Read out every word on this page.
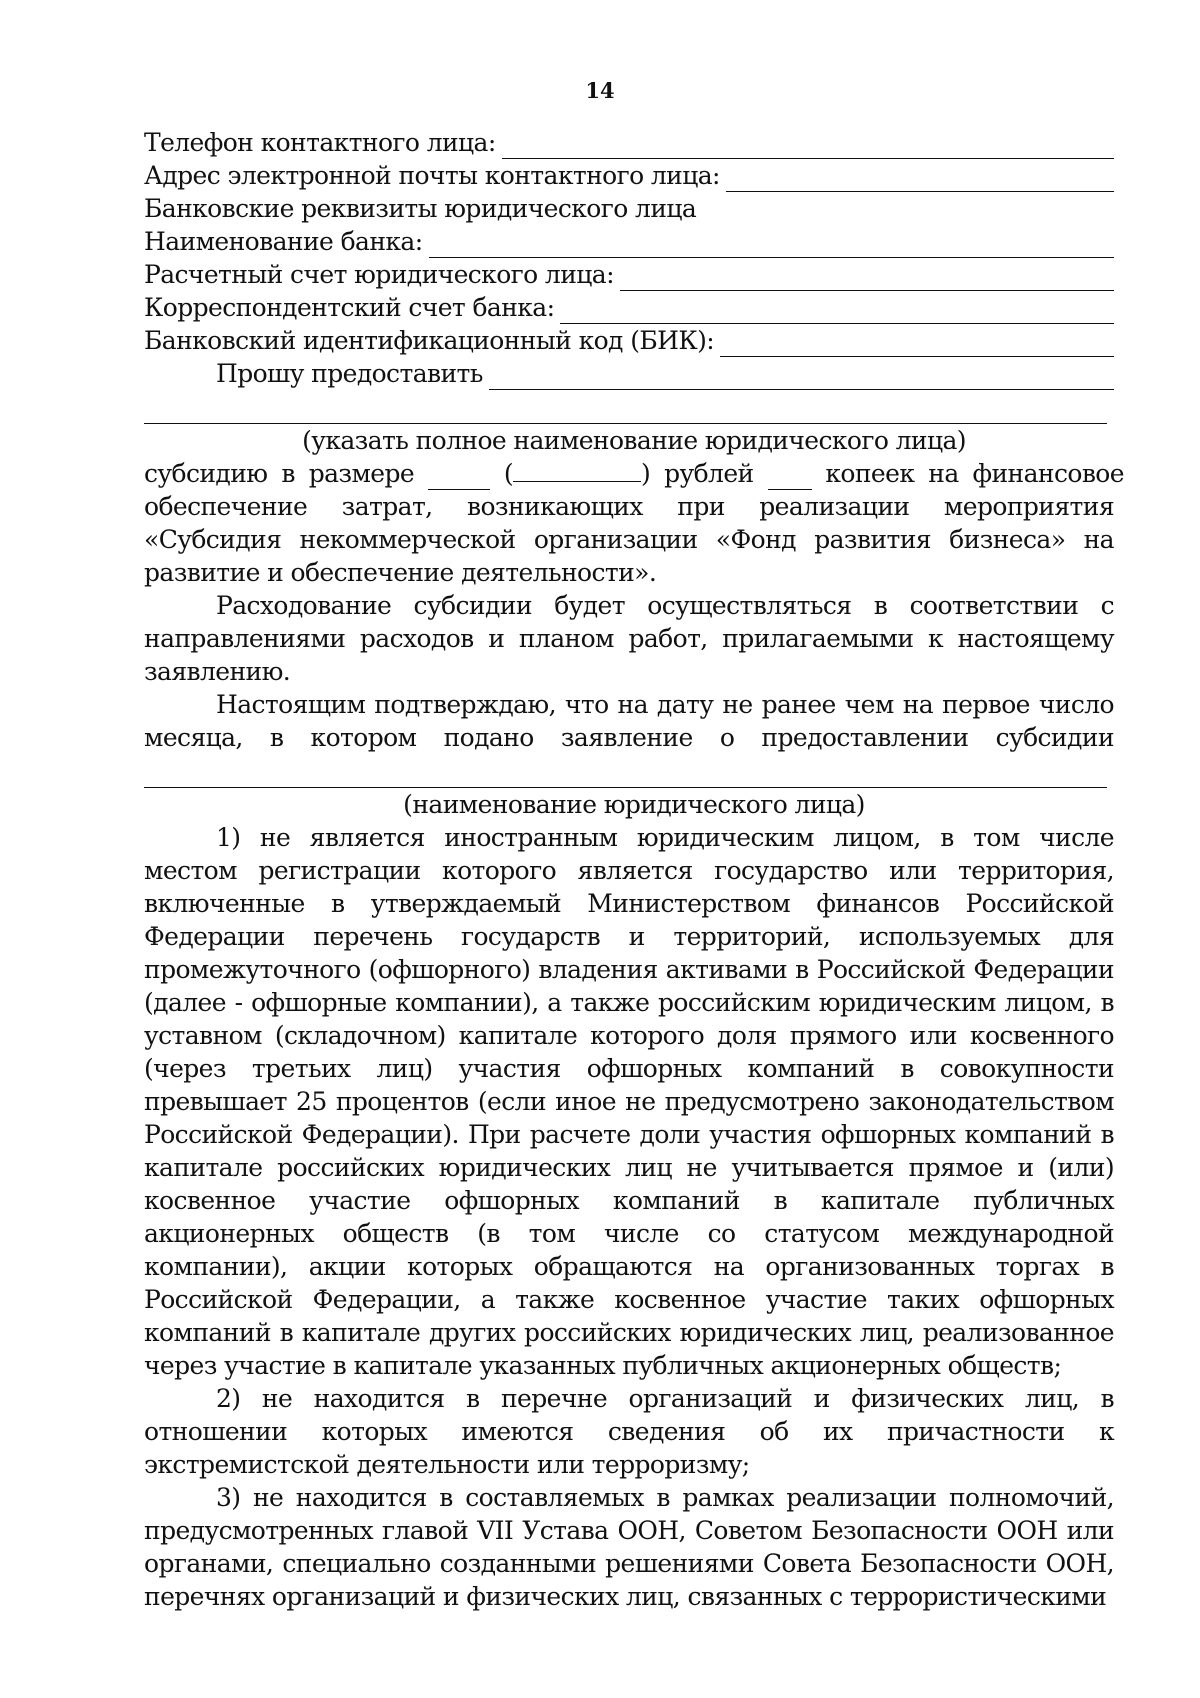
14
Телефон контактного лица:
Адрес электронной почты контактного лица:
Банковские реквизиты юридического лица
Наименование банка:
Расчетный счет юридического лица:
Корреспондентский счет банка:
Банковский идентификационный код (БИК):
Прошу предоставить
(указать полное наименование юридического лица)
субсидию в размере	(	) рублей	копеек на финансовое
обеспечение затрат, возникающих при реализации мероприятия «Субсидия некоммерческой организации «Фонд развития бизнеса» на развитие и обеспечение деятельности».
Расходование субсидии будет осуществляться в соответствии с направлениями расходов и планом работ, прилагаемыми к настоящему заявлению.
Настоящим подтверждаю, что на дату не ранее чем на первое число
месяца, в котором подано заявление о предоставлении субсидии
(наименование юридического лица)
1) не является иностранным юридическим лицом, в том числе местом регистрации которого является государство или территория, включенные в утверждаемый Министерством финансов Российской Федерации перечень государств и территорий, используемых для промежуточного (офшорного) владения активами в Российской Федерации (далее - офшорные компании), а также российским юридическим лицом, в уставном (складочном) капитале которого доля прямого или косвенного (через третьих лиц) участия офшорных компаний в совокупности превышает 25 процентов (если иное не предусмотрено законодательством Российской Федерации). При расчете доли участия офшорных компаний в капитале российских юридических лиц не учитывается прямое и (или) косвенное участие офшорных компаний в капитале публичных акционерных обществ (в том числе со статусом международной компании), акции которых обращаются на организованных торгах в Российской Федерации, а также косвенное участие таких офшорных компаний в капитале других российских юридических лиц, реализованное через участие в капитале указанных публичных акционерных обществ;
2) не находится в перечне организаций и физических лиц, в отношении которых имеются сведения об их причастности к экстремистской деятельности или терроризму;
3) не находится в составляемых в рамках реализации полномочий, предусмотренных главой VII Устава ООН, Советом Безопасности ООН или органами, специально созданными решениями Совета Безопасности ООН, перечнях организаций и физических лиц, связанных с террористическими
